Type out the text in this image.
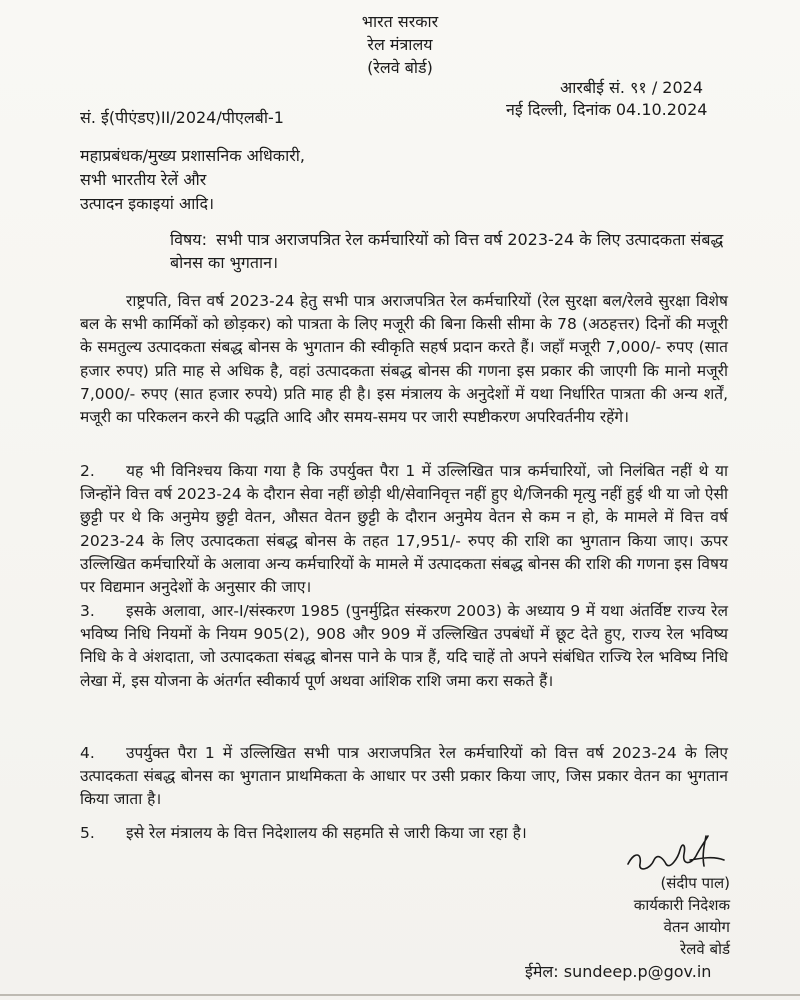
भारत सरकार
रेल मंत्रालय
(रेलवे बोर्ड)
आरबीई सं. ९१ / 2024
नई दिल्ली, दिनांक 04.10.2024
सं. ई(पीएंडए)II/2024/पीएलबी-1
महाप्रबंधक/मुख्य प्रशासनिक अधिकारी,
सभी भारतीय रेलें और
उत्पादन इकाइयां आदि।
विषय: सभी पात्र अराजपत्रित रेल कर्मचारियों को वित्त वर्ष 2023-24 के लिए उत्पादकता संबद्ध बोनस का भुगतान।
राष्ट्रपति, वित्त वर्ष 2023-24 हेतु सभी पात्र अराजपत्रित रेल कर्मचारियों (रेल सुरक्षा बल/रेलवे सुरक्षा विशेष बल के सभी कार्मिकों को छोड़कर) को पात्रता के लिए मजूरी की बिना किसी सीमा के 78 (अठहत्तर) दिनों की मजूरी के समतुल्य उत्पादकता संबद्ध बोनस के भुगतान की स्वीकृति सहर्ष प्रदान करते हैं। जहाँ मजूरी 7,000/- रुपए (सात हजार रुपए) प्रति माह से अधिक है, वहां उत्पादकता संबद्ध बोनस की गणना इस प्रकार की जाएगी कि मानो मजूरी 7,000/- रुपए (सात हजार रुपये) प्रति माह ही है। इस मंत्रालय के अनुदेशों में यथा निर्धारित पात्रता की अन्य शर्तें, मजूरी का परिकलन करने की पद्धति आदि और समय-समय पर जारी स्पष्टीकरण अपरिवर्तनीय रहेंगे।
2. यह भी विनिश्चय किया गया है कि उपर्युक्त पैरा 1 में उल्लिखित पात्र कर्मचारियों, जो निलंबित नहीं थे या जिन्होंने वित्त वर्ष 2023-24 के दौरान सेवा नहीं छोड़ी थी/सेवानिवृत्त नहीं हुए थे/जिनकी मृत्यु नहीं हुई थी या जो ऐसी छुट्टी पर थे कि अनुमेय छुट्टी वेतन, औसत वेतन छुट्टी के दौरान अनुमेय वेतन से कम न हो, के मामले में वित्त वर्ष 2023-24 के लिए उत्पादकता संबद्ध बोनस के तहत 17,951/- रुपए की राशि का भुगतान किया जाए। ऊपर उल्लिखित कर्मचारियों के अलावा अन्य कर्मचारियों के मामले में उत्पादकता संबद्ध बोनस की राशि की गणना इस विषय पर विद्यमान अनुदेशों के अनुसार की जाए।
3. इसके अलावा, आर-I/संस्करण 1985 (पुनर्मुद्रित संस्करण 2003) के अध्याय 9 में यथा अंतर्विष्ट राज्य रेल भविष्य निधि नियमों के नियम 905(2), 908 और 909 में उल्लिखित उपबंधों में छूट देते हुए, राज्य रेल भविष्य निधि के वे अंशदाता, जो उत्पादकता संबद्ध बोनस पाने के पात्र हैं, यदि चाहें तो अपने संबंधित राज्यि रेल भविष्य निधि लेखा में, इस योजना के अंतर्गत स्वीकार्य पूर्ण अथवा आंशिक राशि जमा करा सकते हैं।
4. उपर्युक्त पैरा 1 में उल्लिखित सभी पात्र अराजपत्रित रेल कर्मचारियों को वित्त वर्ष 2023-24 के लिए उत्पादकता संबद्ध बोनस का भुगतान प्राथमिकता के आधार पर उसी प्रकार किया जाए, जिस प्रकार वेतन का भुगतान किया जाता है।
5. इसे रेल मंत्रालय के वित्त निदेशालय की सहमति से जारी किया जा रहा है।
(संदीप पाल)
कार्यकारी निदेशक
वेतन आयोग
रेलवे बोर्ड
ईमेल: sundeep.p@gov.in
